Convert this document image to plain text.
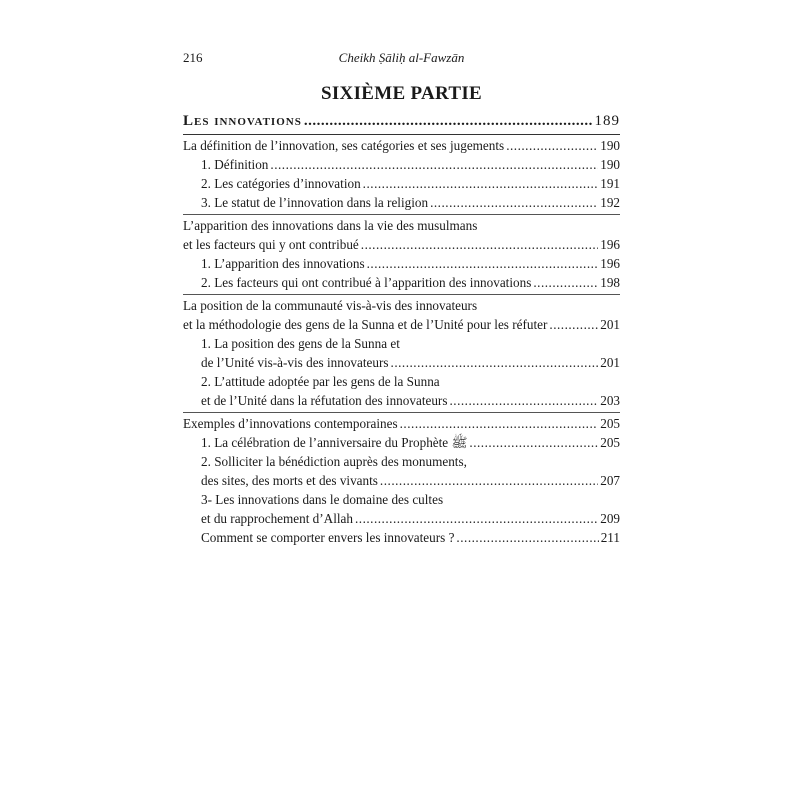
216	Cheikh Ṣāliḥ al-Fawzān
SIXIÈME PARTIE
Les innovations .....	189
La définition de l’innovation, ses catégories et ses jugements .....	190
1. Définition .....	190
2. Les catégories d’innovation .....	191
3. Le statut de l’innovation dans la religion .....	192
L’apparition des innovations dans la vie des musulmans
et les facteurs qui y ont contribué .....	196
1. L’apparition des innovations .....	196
2. Les facteurs qui ont contribué à l’apparition des innovations .....	198
La position de la communauté vis-à-vis des innovateurs
et la méthodologie des gens de la Sunna et de l’Unité pour les réfuter .....	201
1. La position des gens de la Sunna et
de l’Unité vis-à-vis des innovateurs .....	201
2. L’attitude adoptée par les gens de la Sunna
et de l’Unité dans la réfutation des innovateurs .....	203
Exemples d’innovations contemporaines .....	205
1. La célébration de l’anniversaire du Prophète ﷺ .....	205
2. Solliciter la bénédiction auprès des monuments,
des sites, des morts et des vivants .....	207
3- Les innovations dans le domaine des cultes
et du rapprochement d’Allah .....	209
Comment se comporter envers les innovateurs ? .....	211
